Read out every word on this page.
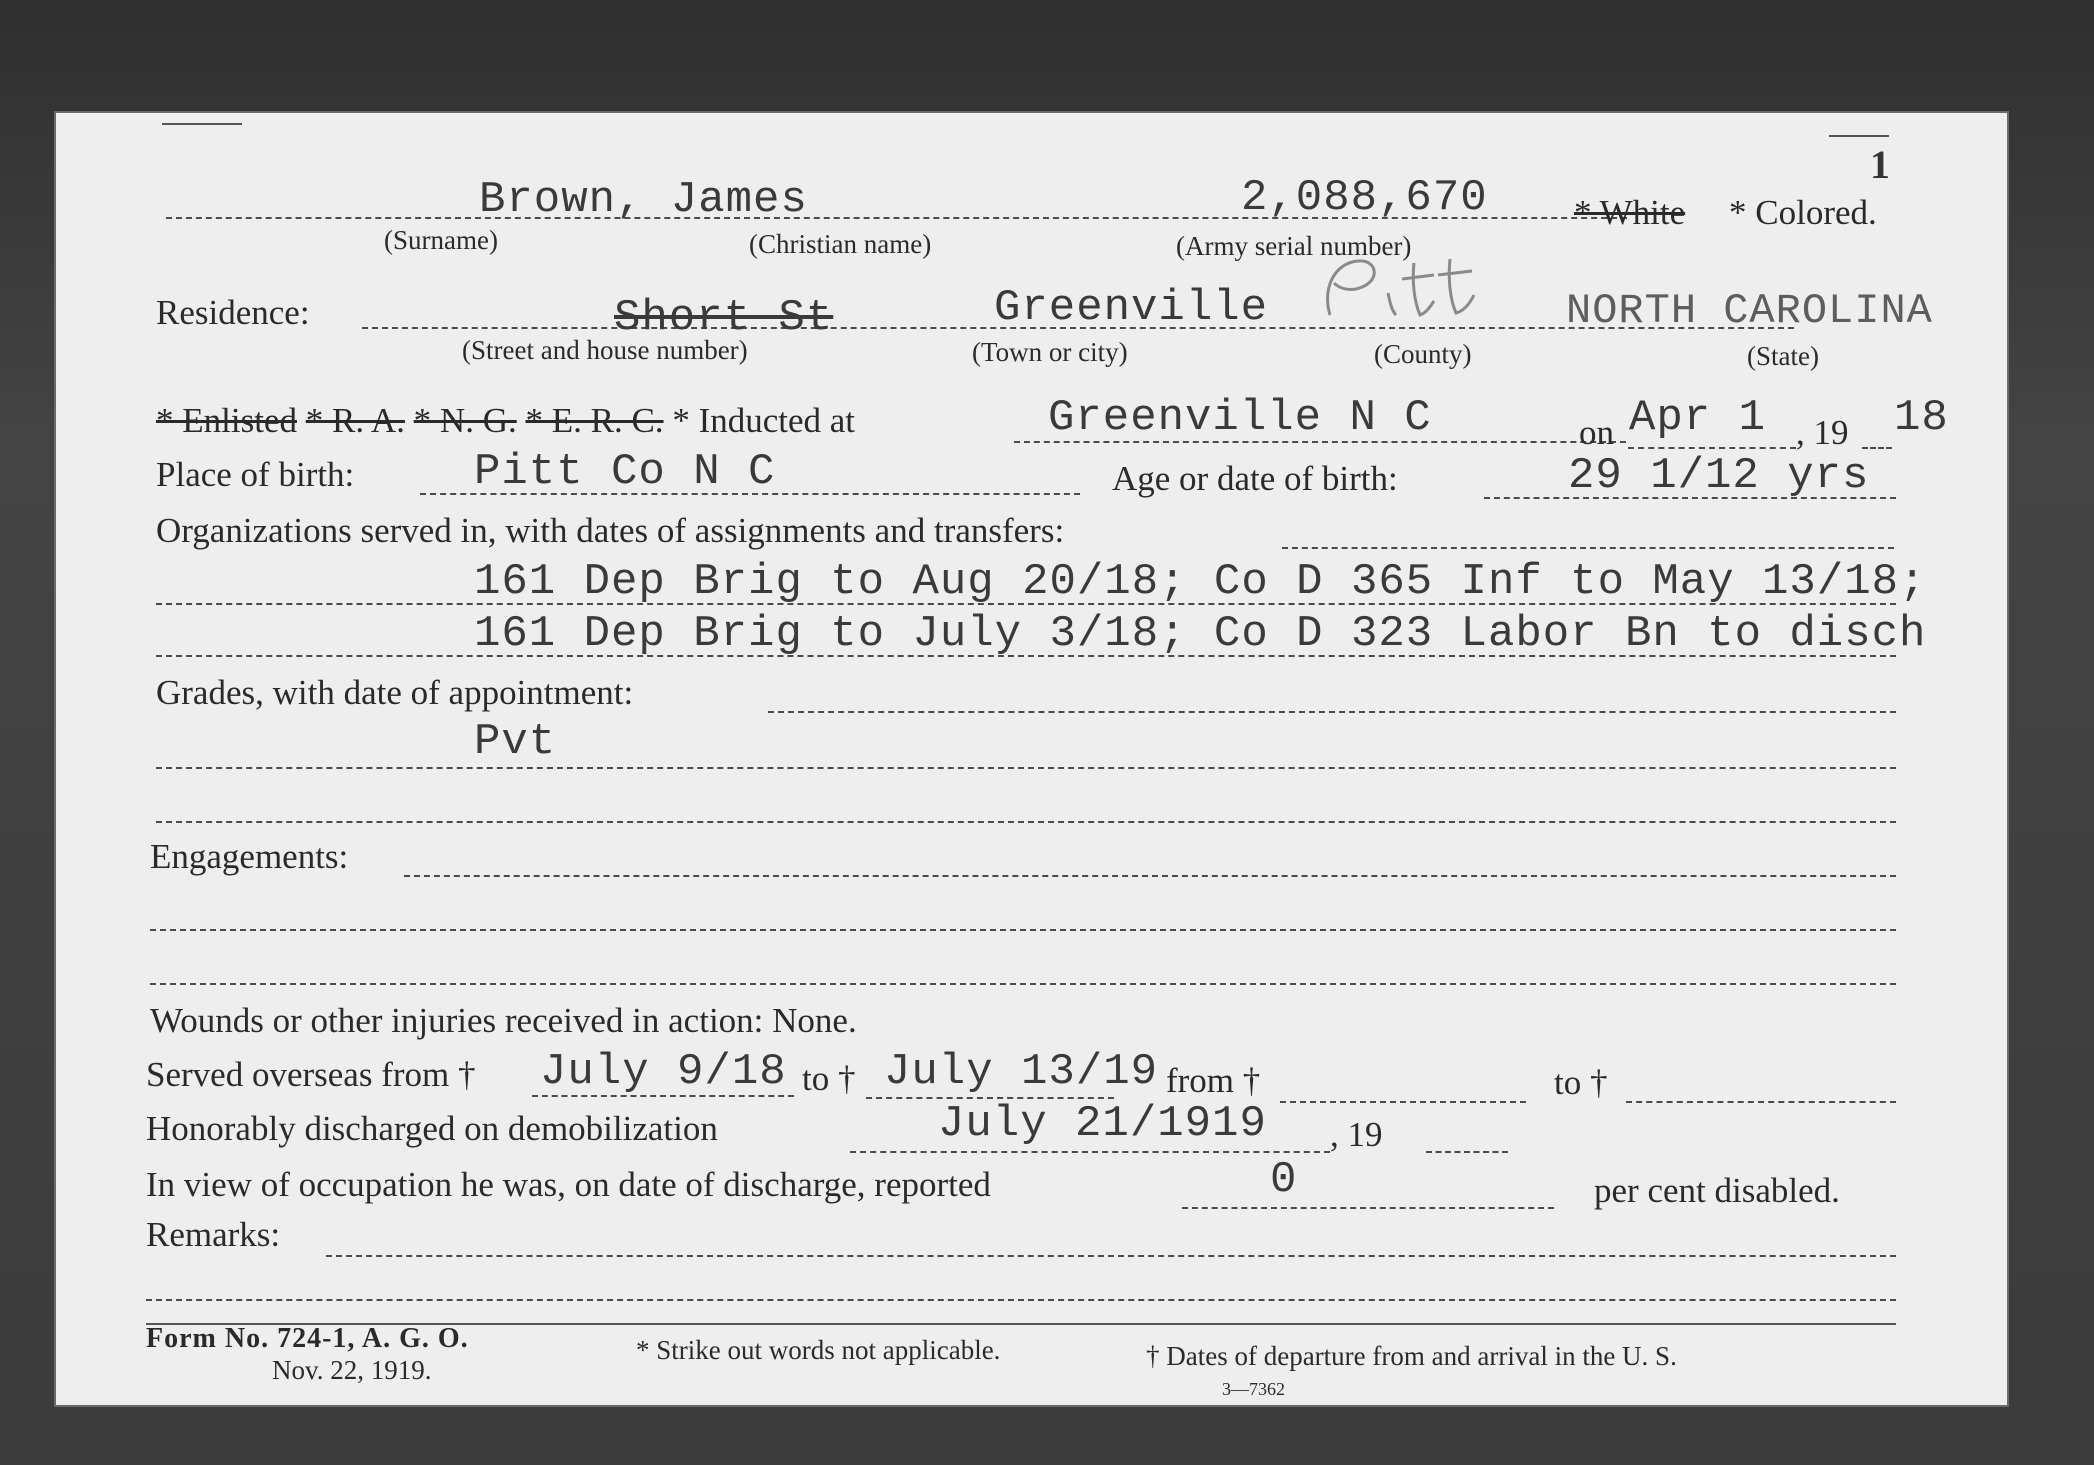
1
Brown, James	2,088,670 * White * Colored.
(Surname)	(Christian name)	(Army serial number)
Residence:	Short St	Greenville	NORTH CAROLINA
(Street and house number)	(Town or city)	(County)	(State)
* Enlisted * R. A. * N. G. * E. R. C. * Inducted at	Greenville N C	on Apr 1 , 19 18
Place of birth:	Pitt Co N C	Age or date of birth:	29 1/12 yrs
Organizations served in, with dates of assignments and transfers:
161 Dep Brig to Aug 20/18; Co D 365 Inf to May 13/18;
161 Dep Brig to July 3/18; Co D 323 Labor Bn to disch
Grades, with date of appointment:
Pvt
Engagements:
Wounds or other injuries received in action: None.
Served overseas from † July 9/18 to † July 13/19 from †	to †
Honorably discharged on demobilization	July 21/1919 , 19
In view of occupation he was, on date of discharge, reported	0	per cent disabled.
Remarks:
Form No. 724-1, A. G. O.
Nov. 22, 1919.
* Strike out words not applicable.	† Dates of departure from and arrival in the U. S.
3—7362
